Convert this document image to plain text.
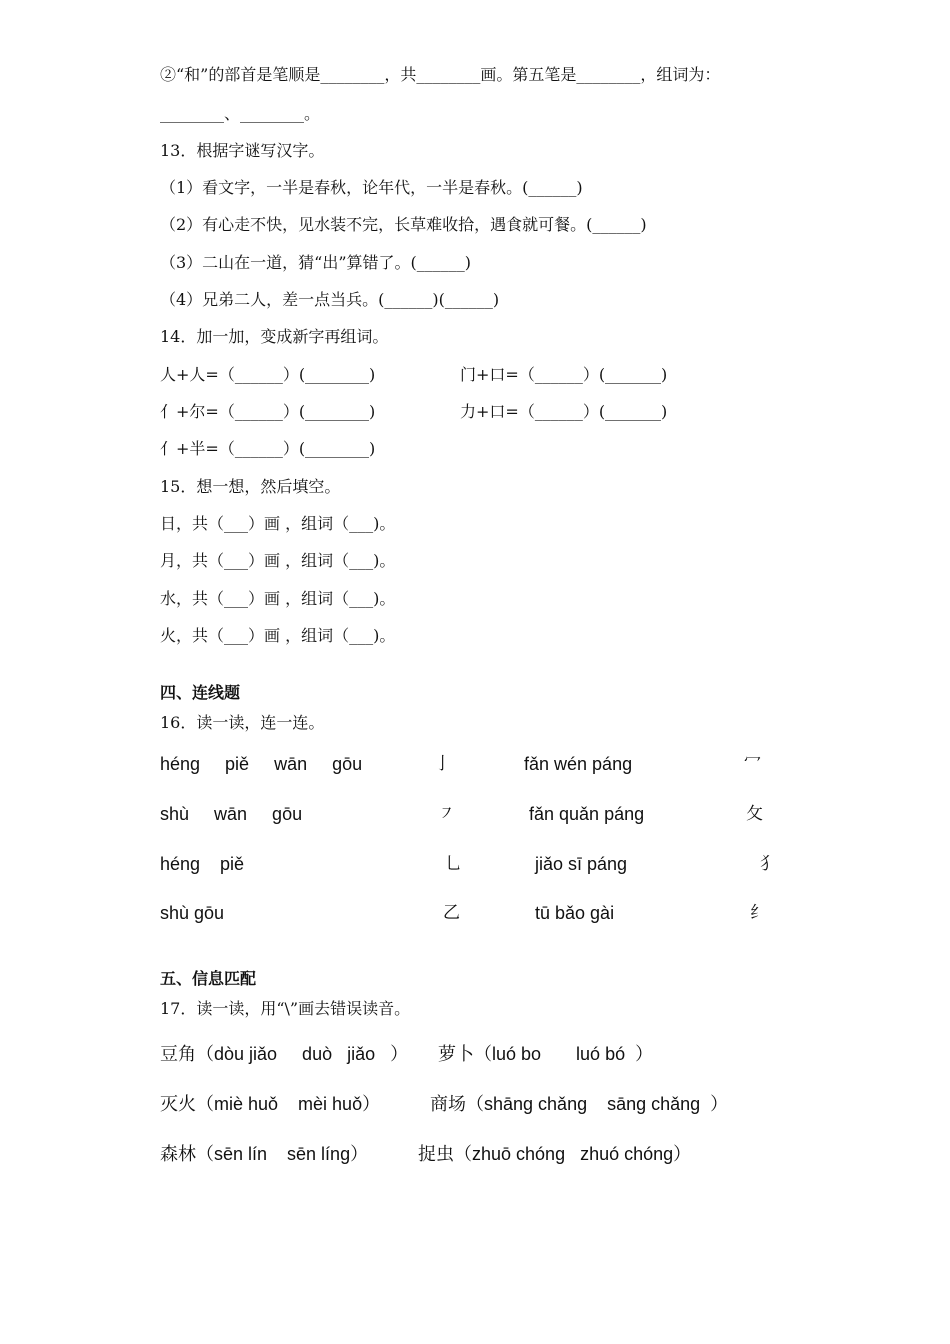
②“和”的部首是笔顺是________，共________画。第五笔是________，组词为：
________、________。
13．根据字谜写汉字。
（1）看文字，一半是春秋，论年代，一半是春秋。(______)
（2）有心走不快，见水装不完，长草难收拾，遇食就可餐。(______)
（3）二山在一道，猜“出”算错了。(______)
（4）兄弟二人，差一点当兵。(______)(______)
14．加一加，变成新字再组词。
人+人=（______）(________)	门+口=（______）(_______)
亻+尔=（______）(________)	力+口=（______）(_______)
亻+半=（______）(________)
15．想一想，然后填空。
日，共（___）画 ，组词（___)。
月，共（___）画 ，组词（___)。
水，共（___）画 ，组词（___)。
火，共（___）画 ，组词（___)。
四、连线题
16．读一读，连一连。
héng     piě     wān     gōu	亅	fǎn wén páng	冖
shù     wān     gōu	㇇	fǎn quǎn páng	攵
héng    piě	乚	jiǎo sī páng	犭
shù gōu	乙	tū bǎo gài	纟
五、信息匹配
17．读一读，用“\”画去错误读音。
豆角（dòu jiǎo     duò   jiǎo   ） 萝卜（luó bo       luó bó  ）
灭火（miè huǒ    mèi huǒ）	商场（shāng chǎng    sāng chǎng  ）
森林（sēn lín    sēn líng）	捉虫（zhuō chóng   zhuó chóng）
